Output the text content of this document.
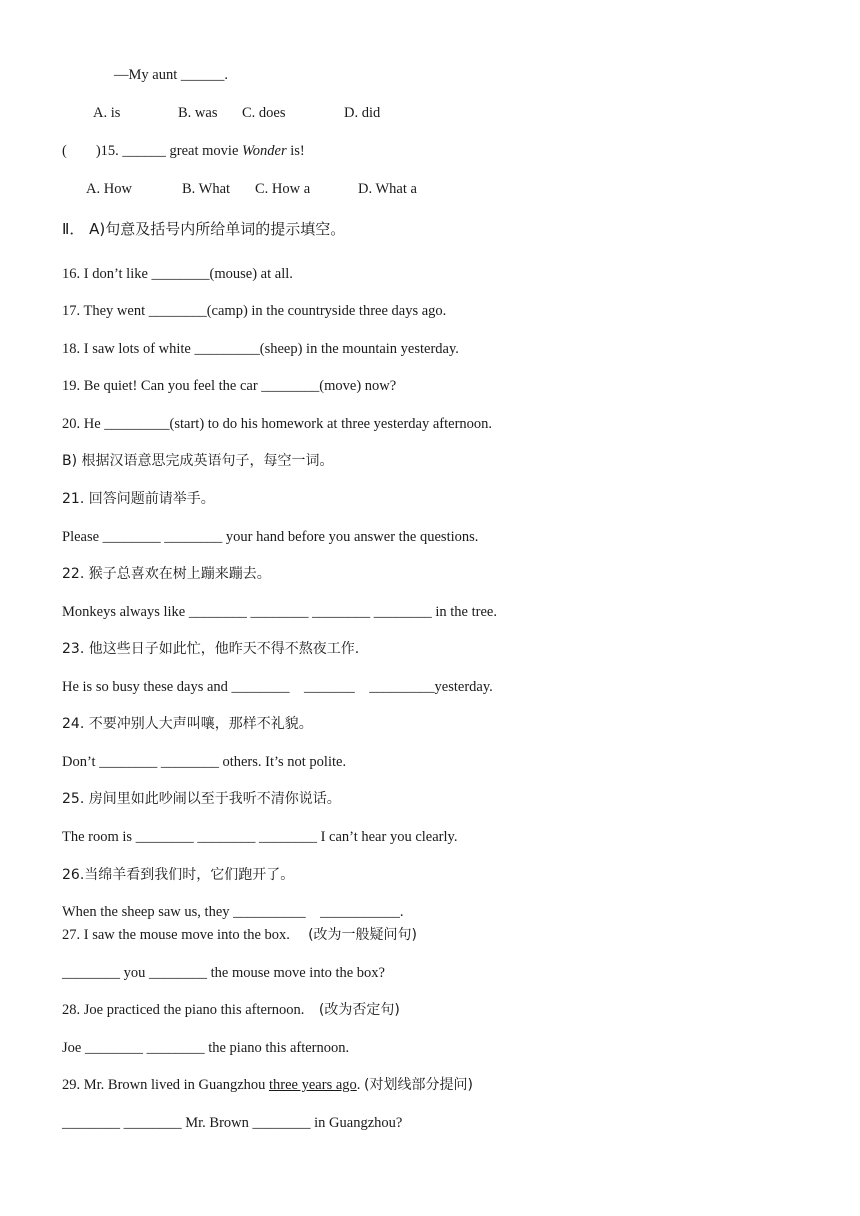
—My aunt ______.
A. is	B. was C. does	D. did
(        )15. ______ great movie Wonder is!
A. How	B. What C. How a	D. What a
Ⅱ． A)句意及括号内所给单词的提示填空。
16. I don’t like ________(mouse) at all.
17. They went ________(camp) in the countryside three days ago.
18. I saw lots of white _________(sheep) in the mountain yesterday.
19. Be quiet! Can you feel the car ________(move) now?
20. He _________(start) to do his homework at three yesterday afternoon.
B) 根据汉语意思完成英语句子，每空一词。
21. 回答问题前请举手。
Please ________ ________ your hand before you answer the questions.
22. 猴子总喜欢在树上蹦来蹦去。
Monkeys always like ________ ________ ________ ________ in the tree.
23. 他这些日子如此忙，他昨天不得不熬夜工作.
He is so busy these days and ________    _______    _________yesterday.
24. 不要冲别人大声叫嚷，那样不礼貌。
Don’t ________ ________ others. It’s not polite.
25. 房间里如此吵闹以至于我听不清你说话。
The room is ________ ________ ________ I can’t hear you clearly.
26.当绵羊看到我们时，它们跑开了。
When the sheep saw us, they __________    ___________.
27. I saw the mouse move into the box.     (改为一般疑问句)
________ you ________ the mouse move into the box?
28. Joe practiced the piano this afternoon.    (改为否定句)
Joe ________ ________ the piano this afternoon.
29. Mr. Brown lived in Guangzhou three years ago. (对划线部分提问)
________ ________ Mr. Brown ________ in Guangzhou?
